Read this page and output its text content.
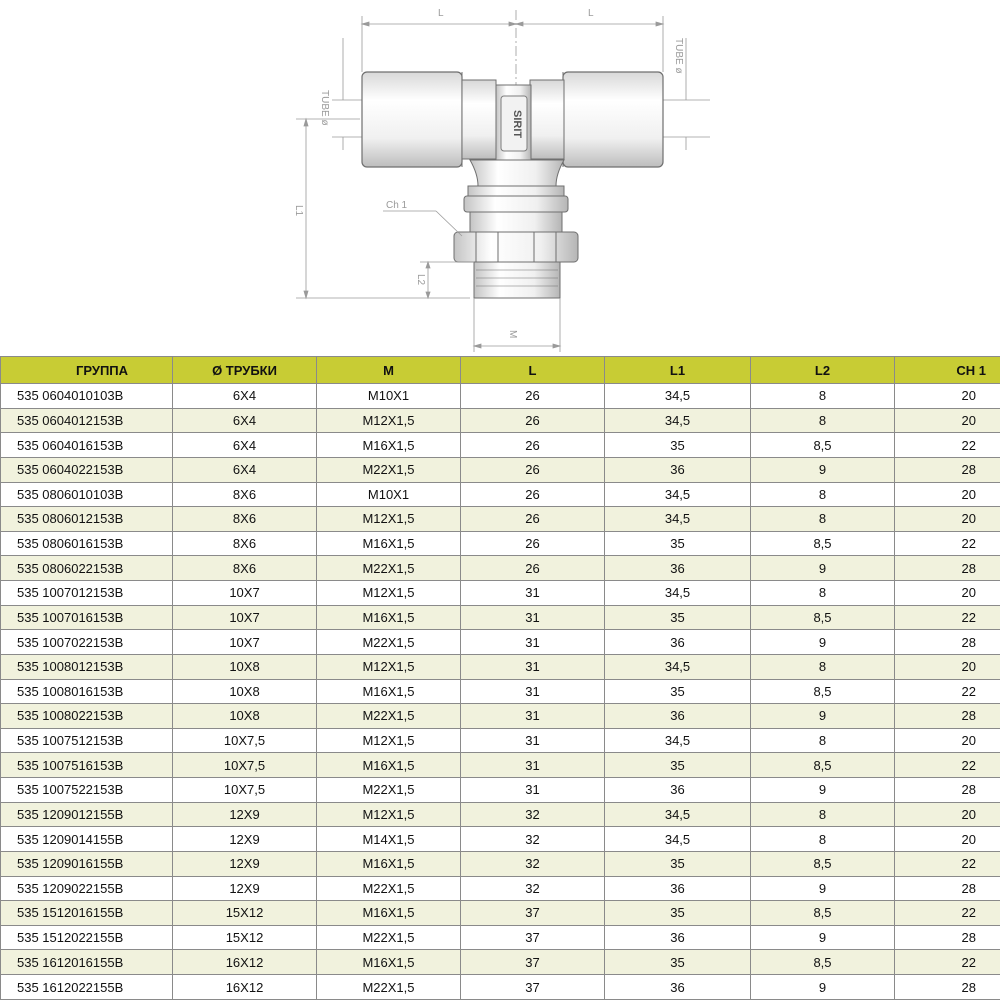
L	L
TUBE ø
TUBE ø
SIRIT
Ch 1
L1
L2
M
ГРУППА	Ø ТРУБКИ	M	L	L1	L2	CH 1
535 0604010103B	6X4	M10X1	26	34,5	8	20
535 0604012153B	6X4	M12X1,5	26	34,5	8	20
535 0604016153B	6X4	M16X1,5	26	35	8,5	22
535 0604022153B	6X4	M22X1,5	26	36	9	28
535 0806010103B	8X6	M10X1	26	34,5	8	20
535 0806012153B	8X6	M12X1,5	26	34,5	8	20
535 0806016153B	8X6	M16X1,5	26	35	8,5	22
535 0806022153B	8X6	M22X1,5	26	36	9	28
535 1007012153B	10X7	M12X1,5	31	34,5	8	20
535 1007016153B	10X7	M16X1,5	31	35	8,5	22
535 1007022153B	10X7	M22X1,5	31	36	9	28
535 1008012153B	10X8	M12X1,5	31	34,5	8	20
535 1008016153B	10X8	M16X1,5	31	35	8,5	22
535 1008022153B	10X8	M22X1,5	31	36	9	28
535 1007512153B	10X7,5	M12X1,5	31	34,5	8	20
535 1007516153B	10X7,5	M16X1,5	31	35	8,5	22
535 1007522153B	10X7,5	M22X1,5	31	36	9	28
535 1209012155B	12X9	M12X1,5	32	34,5	8	20
535 1209014155B	12X9	M14X1,5	32	34,5	8	20
535 1209016155B	12X9	M16X1,5	32	35	8,5	22
535 1209022155B	12X9	M22X1,5	32	36	9	28
535 1512016155B	15X12	M16X1,5	37	35	8,5	22
535 1512022155B	15X12	M22X1,5	37	36	9	28
535 1612016155B	16X12	M16X1,5	37	35	8,5	22
535 1612022155B	16X12	M22X1,5	37	36	9	28
